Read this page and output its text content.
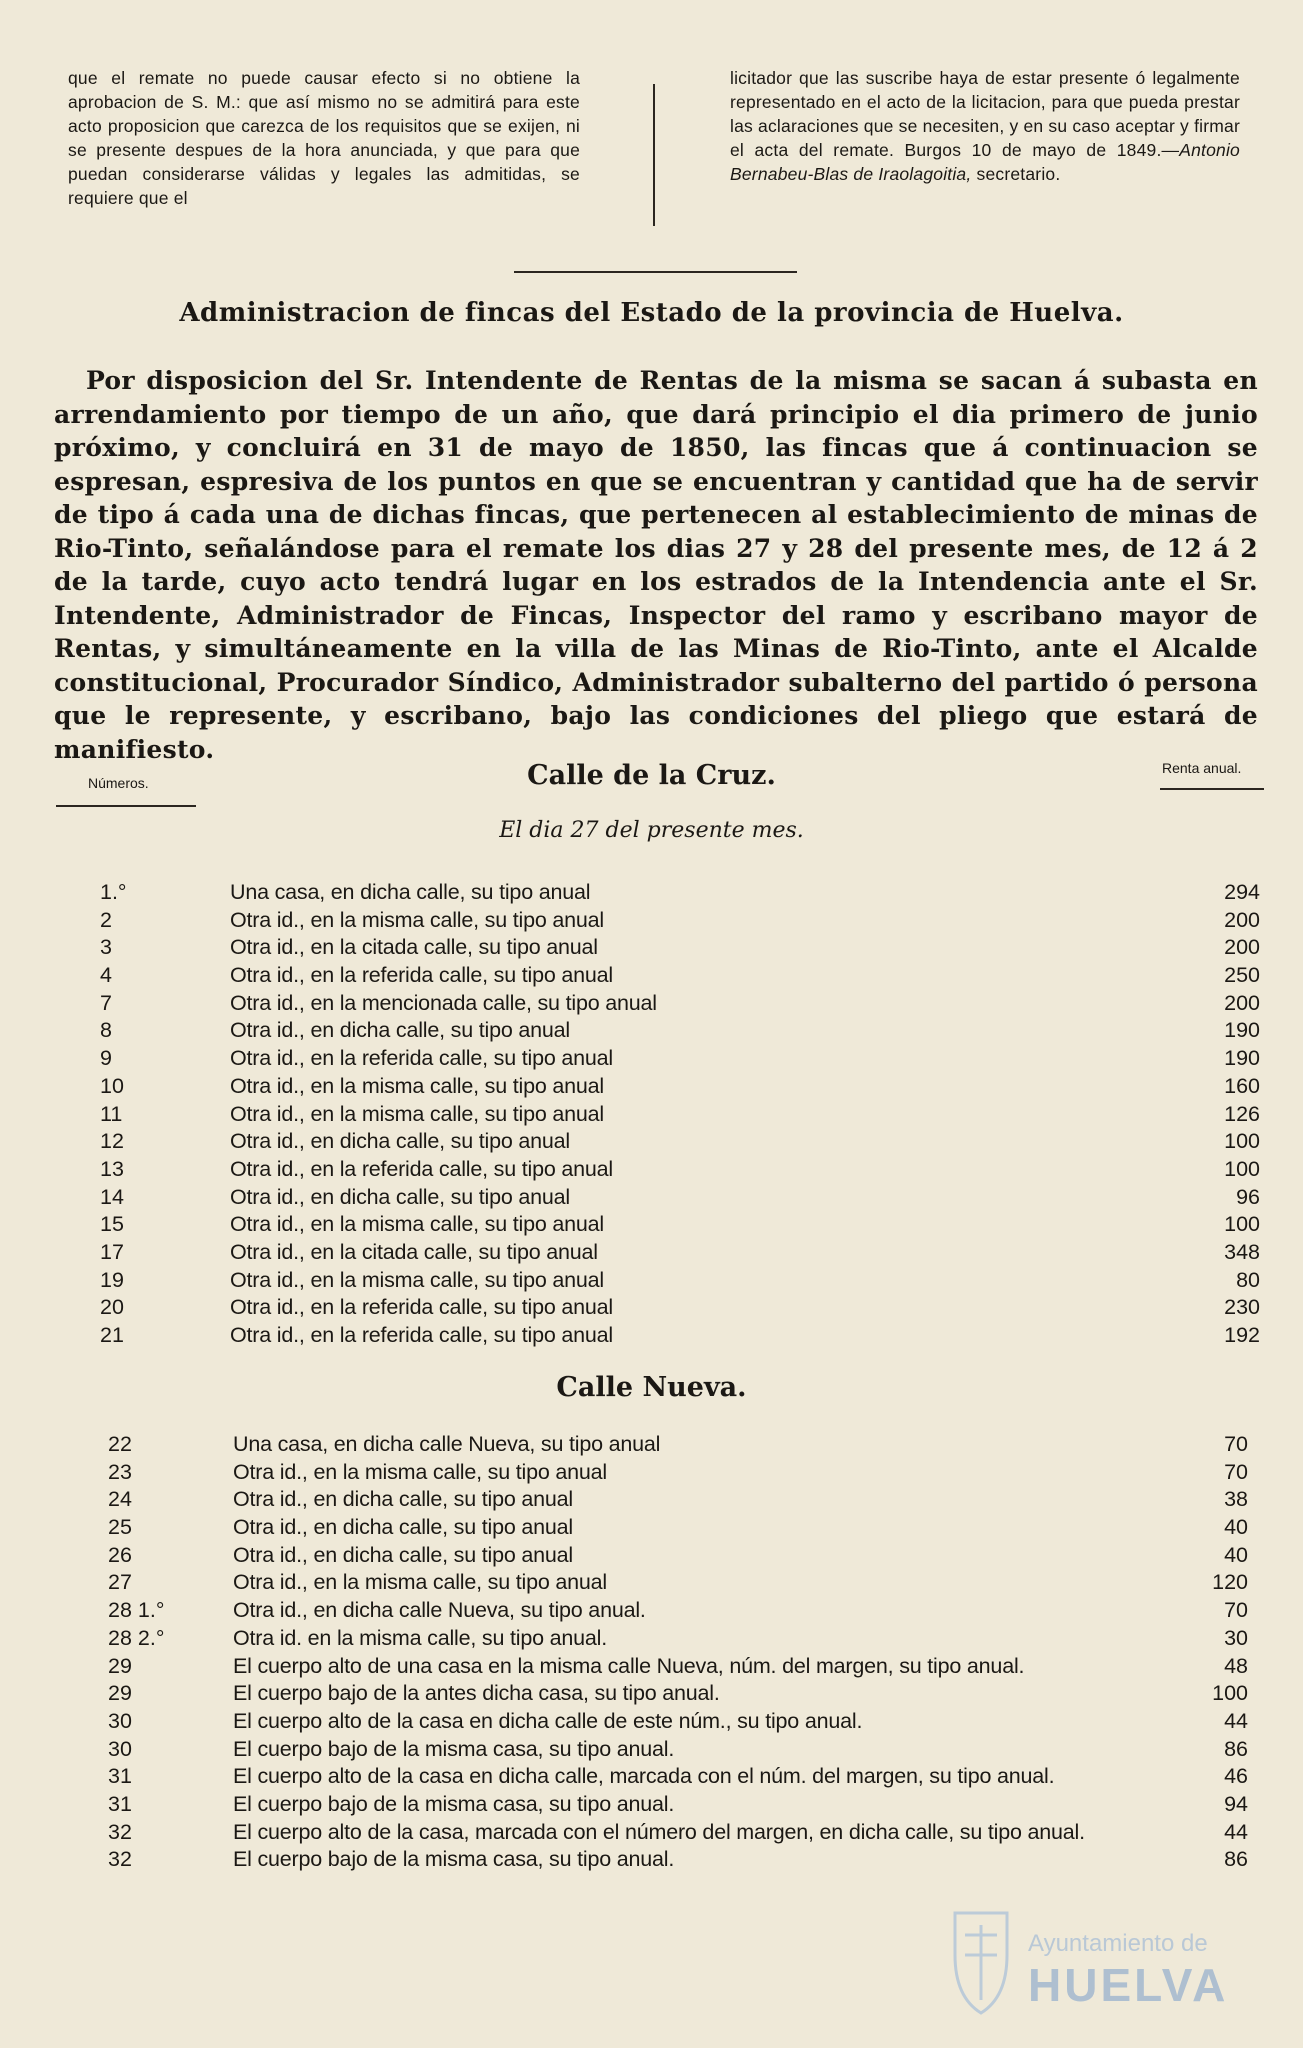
que el remate no puede causar efecto si no obtiene la aprobacion de S. M.: que así mismo no se admitirá para este acto proposicion que carezca de los requisitos que se exijen, ni se presente despues de la hora anunciada, y que para que puedan considerarse válidas y legales las admitidas, se requiere que el
licitador que las suscribe haya de estar presente ó legalmente representado en el acto de la licitacion, para que pueda prestar las aclaraciones que se necesiten, y en su caso aceptar y firmar el acta del remate. Burgos 10 de mayo de 1849.—Antonio Bernabeu-Blas de Iraolagoitia, secretario.
Administracion de fincas del Estado de la provincia de Huelva.
Por disposicion del Sr. Intendente de Rentas de la misma se sacan á subasta en arrendamiento por tiempo de un año, que dará principio el dia primero de junio próximo, y concluirá en 31 de mayo de 1850, las fincas que á continuacion se espresan, espresiva de los puntos en que se encuentran y cantidad que ha de servir de tipo á cada una de dichas fincas, que pertenecen al establecimiento de minas de Rio-Tinto, señalándose para el remate los dias 27 y 28 del presente mes, de 12 á 2 de la tarde, cuyo acto tendrá lugar en los estrados de la Intendencia ante el Sr. Intendente, Administrador de Fincas, Inspector del ramo y escribano mayor de Rentas, y simultáneamente en la villa de las Minas de Rio-Tinto, ante el Alcalde constitucional, Procurador Síndico, Administrador subalterno del partido ó persona que le represente, y escribano, bajo las condiciones del pliego que estará de manifiesto.
Números.
Renta anual.
Calle de la Cruz.
El dia 27 del presente mes.
1.°	Una casa, en dicha calle, su tipo anual	294
2	Otra id., en la misma calle, su tipo anual	200
3	Otra id., en la citada calle, su tipo anual	200
4	Otra id., en la referida calle, su tipo anual	250
7	Otra id., en la mencionada calle, su tipo anual	200
8	Otra id., en dicha calle, su tipo anual	190
9	Otra id., en la referida calle, su tipo anual	190
10	Otra id., en la misma calle, su tipo anual	160
11	Otra id., en la misma calle, su tipo anual	126
12	Otra id., en dicha calle, su tipo anual	100
13	Otra id., en la referida calle, su tipo anual	100
14	Otra id., en dicha calle, su tipo anual	96
15	Otra id., en la misma calle, su tipo anual	100
17	Otra id., en la citada calle, su tipo anual	348
19	Otra id., en la misma calle, su tipo anual	80
20	Otra id., en la referida calle, su tipo anual	230
21	Otra id., en la referida calle, su tipo anual	192
Calle Nueva.
22	Una casa, en dicha calle Nueva, su tipo anual	70
23	Otra id., en la misma calle, su tipo anual	70
24	Otra id., en dicha calle, su tipo anual	38
25	Otra id., en dicha calle, su tipo anual	40
26	Otra id., en dicha calle, su tipo anual	40
27	Otra id., en la misma calle, su tipo anual	120
28 1.°	Otra id., en dicha calle Nueva, su tipo anual.	70
28 2.°	Otra id. en la misma calle, su tipo anual.	30
29	El cuerpo alto de una casa en la misma calle Nueva, núm. del margen, su tipo anual.	48
29	El cuerpo bajo de la antes dicha casa, su tipo anual.	100
30	El cuerpo alto de la casa en dicha calle de este núm., su tipo anual.	44
30	El cuerpo bajo de la misma casa, su tipo anual.	86
31	El cuerpo alto de la casa en dicha calle, marcada con el núm. del margen, su tipo anual.	46
31	El cuerpo bajo de la misma casa, su tipo anual.	94
32	El cuerpo alto de la casa, marcada con el número del margen, en dicha calle, su tipo anual.	44
32	El cuerpo bajo de la misma casa, su tipo anual.	86
Ayuntamiento de
HUELVA
